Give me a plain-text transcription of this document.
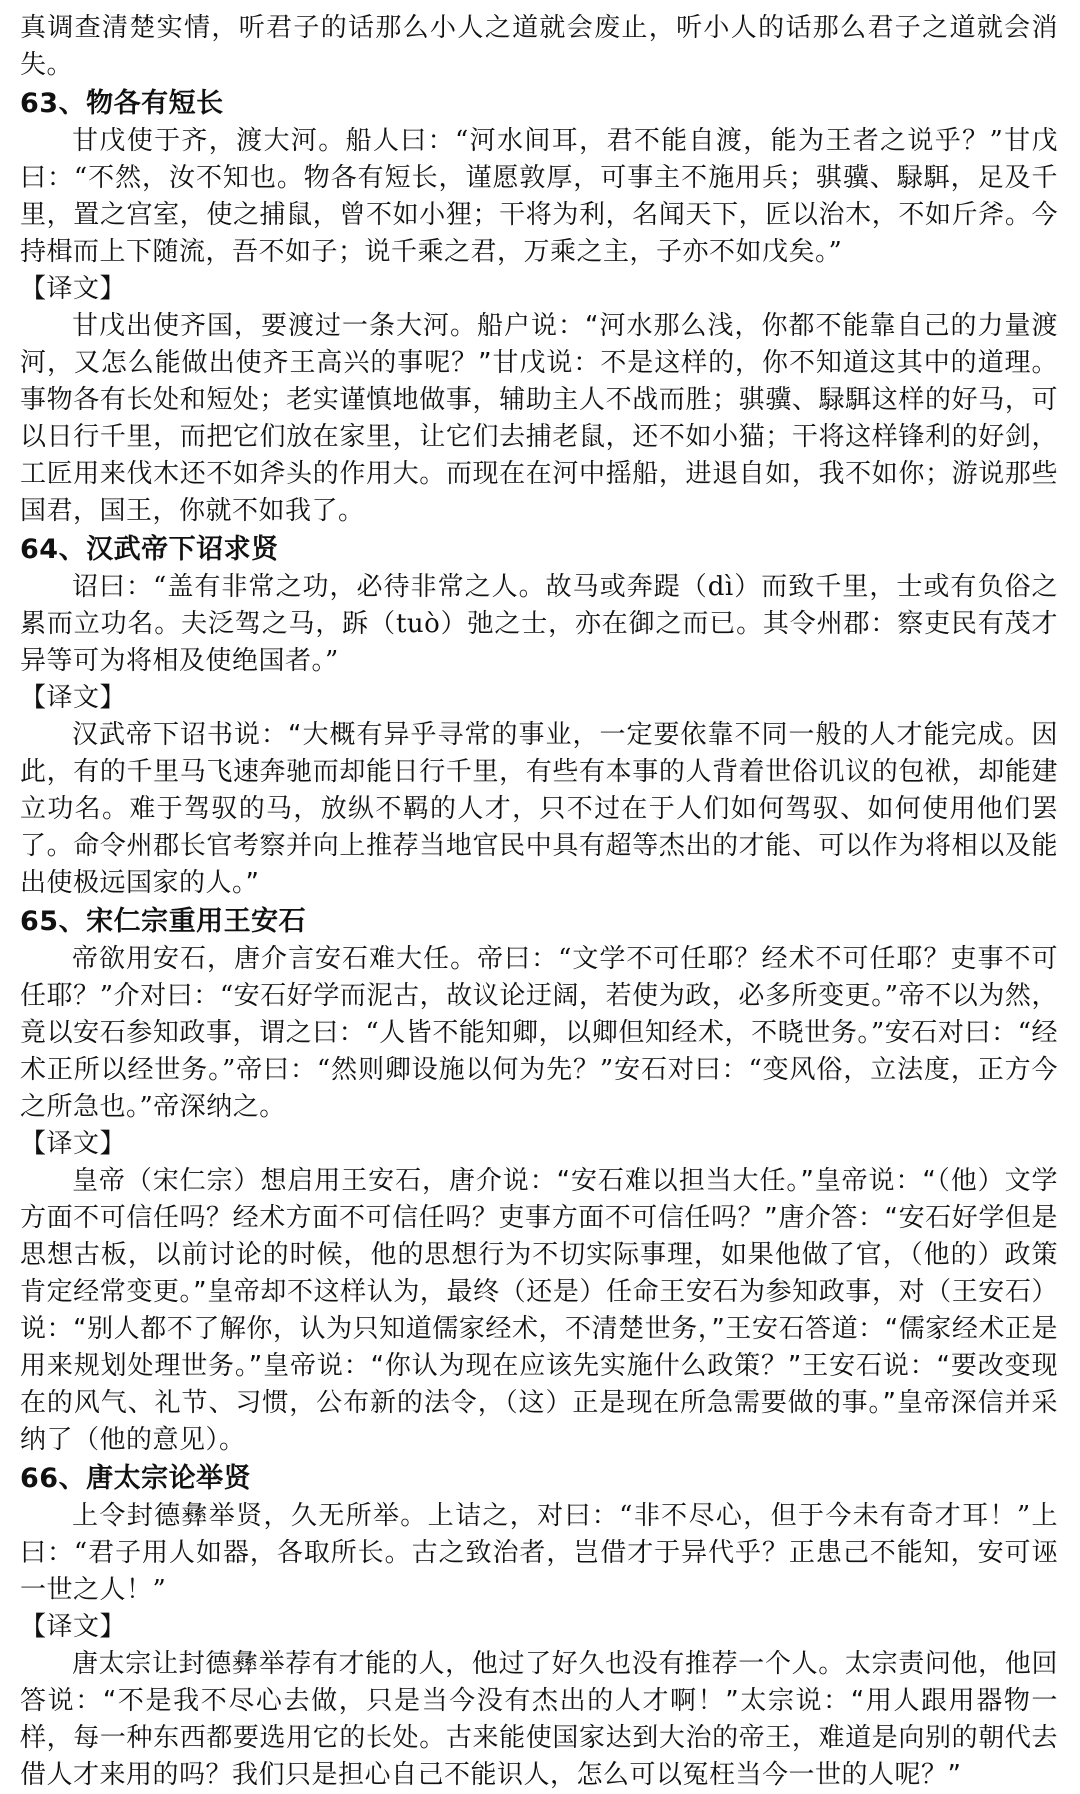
真调查清楚实情，听君子的话那么小人之道就会废止，听小人的话那么君子之道就会消失。

63、物各有短长

甘戊使于齐，渡大河。船人曰：“河水间耳，君不能自渡，能为王者之说乎？”甘戊曰：“不然，汝不知也。物各有短长，谨愿敦厚，可事主不施用兵；骐骥、騄駬，足及千里，置之宫室，使之捕鼠，曾不如小狸；干将为利，名闻天下，匠以治木，不如斤斧。今持楫而上下随流，吾不如子；说千乘之君，万乘之主，子亦不如戊矣。”

【译文】

甘戊出使齐国，要渡过一条大河。船户说：“河水那么浅，你都不能靠自己的力量渡河，又怎么能做出使齐王高兴的事呢？”甘戊说：不是这样的，你不知道这其中的道理。事物各有长处和短处；老实谨慎地做事，辅助主人不战而胜；骐骥、騄駬这样的好马，可以日行千里，而把它们放在家里，让它们去捕老鼠，还不如小猫；干将这样锋利的好剑，工匠用来伐木还不如斧头的作用大。而现在在河中摇船，进退自如，我不如你；游说那些国君，国王，你就不如我了。

64、汉武帝下诏求贤

诏曰：“盖有非常之功，必待非常之人。故马或奔踶（dì）而致千里，士或有负俗之累而立功名。夫泛驾之马，跅（tuò）弛之士，亦在御之而已。其令州郡：察吏民有茂才异等可为将相及使绝国者。”

【译文】

汉武帝下诏书说：“大概有异乎寻常的事业，一定要依靠不同一般的人才能完成。因此，有的千里马飞速奔驰而却能日行千里，有些有本事的人背着世俗讥议的包袱，却能建立功名。难于驾驭的马，放纵不羁的人才，只不过在于人们如何驾驭、如何使用他们罢了。命令州郡长官考察并向上推荐当地官民中具有超等杰出的才能、可以作为将相以及能出使极远国家的人。”

65、宋仁宗重用王安石

帝欲用安石，唐介言安石难大任。帝曰：“文学不可任耶？经术不可任耶？吏事不可任耶？”介对曰：“安石好学而泥古，故议论迂阔，若使为政，必多所变更。”帝不以为然，竟以安石参知政事，谓之曰：“人皆不能知卿，以卿但知经术，不晓世务。”安石对曰：“经术正所以经世务。”帝曰：“然则卿设施以何为先？”安石对曰：“变风俗，立法度，正方今之所急也。”帝深纳之。

【译文】

皇帝（宋仁宗）想启用王安石，唐介说：“安石难以担当大任。”皇帝说：“（他）文学方面不可信任吗？经术方面不可信任吗？吏事方面不可信任吗？”唐介答：“安石好学但是思想古板，以前讨论的时候，他的思想行为不切实际事理，如果他做了官，（他的）政策肯定经常变更。”皇帝却不这样认为，最终（还是）任命王安石为参知政事，对（王安石）说：“别人都不了解你，认为只知道儒家经术，不清楚世务，”王安石答道：“儒家经术正是用来规划处理世务。”皇帝说：“你认为现在应该先实施什么政策？”王安石说：“要改变现在的风气、礼节、习惯，公布新的法令，（这）正是现在所急需要做的事。”皇帝深信并采纳了（他的意见）。

66、唐太宗论举贤

上令封德彝举贤，久无所举。上诘之，对曰：“非不尽心，但于今未有奇才耳！”上曰：“君子用人如器，各取所长。古之致治者，岂借才于异代乎？正患己不能知，安可诬一世之人！”

【译文】

唐太宗让封德彝举荐有才能的人，他过了好久也没有推荐一个人。太宗责问他，他回答说：“不是我不尽心去做，只是当今没有杰出的人才啊！”太宗说：“用人跟用器物一样，每一种东西都要选用它的长处。古来能使国家达到大治的帝王，难道是向别的朝代去借人才来用的吗？我们只是担心自己不能识人，怎么可以冤枉当今一世的人呢？”
